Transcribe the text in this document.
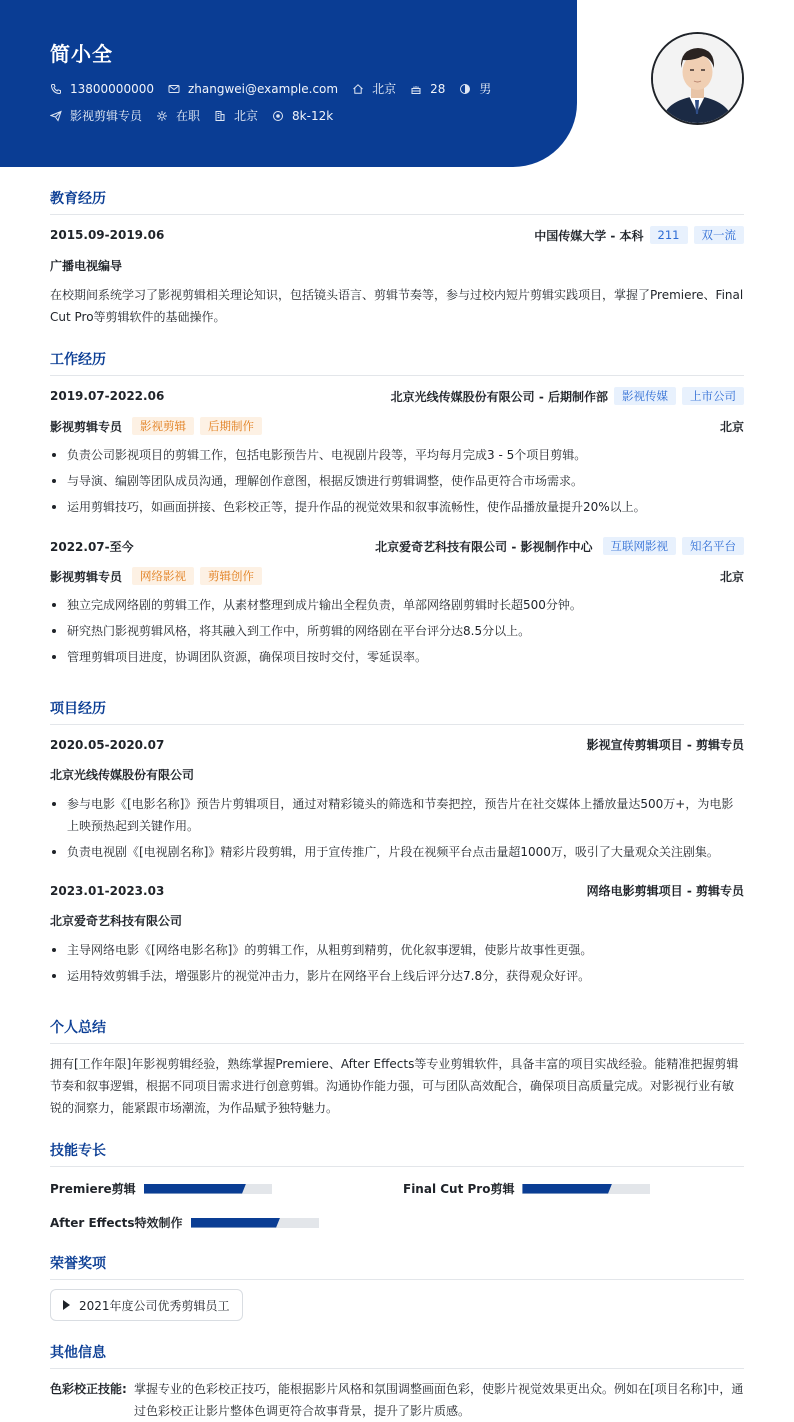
简小全
13800000000	zhangwei@example.com	北京	28	男
影视剪辑专员	在职	北京	8k-12k
教育经历
2015.09-2019.06	中国传媒大学 - 本科	211	双一流
广播电视编导
在校期间系统学习了影视剪辑相关理论知识，包括镜头语言、剪辑节奏等，参与过校内短片剪辑实践项目，掌握了Premiere、Final Cut Pro等剪辑软件的基础操作。
工作经历
2019.07-2022.06	北京光线传媒股份有限公司 - 后期制作部	影视传媒	上市公司
影视剪辑专员	影视剪辑	后期制作	北京
负责公司影视项目的剪辑工作，包括电影预告片、电视剧片段等，平均每月完成3 - 5个项目剪辑。
与导演、编剧等团队成员沟通，理解创作意图，根据反馈进行剪辑调整，使作品更符合市场需求。
运用剪辑技巧，如画面拼接、色彩校正等，提升作品的视觉效果和叙事流畅性，使作品播放量提升20%以上。
2022.07-至今	北京爱奇艺科技有限公司 - 影视制作中心	互联网影视	知名平台
影视剪辑专员	网络影视	剪辑创作	北京
独立完成网络剧的剪辑工作，从素材整理到成片输出全程负责，单部网络剧剪辑时长超500分钟。
研究热门影视剪辑风格，将其融入到工作中，所剪辑的网络剧在平台评分达8.5分以上。
管理剪辑项目进度，协调团队资源，确保项目按时交付，零延误率。
项目经历
2020.05-2020.07	影视宣传剪辑项目 - 剪辑专员
北京光线传媒股份有限公司
参与电影《[电影名称]》预告片剪辑项目，通过对精彩镜头的筛选和节奏把控，预告片在社交媒体上播放量达500万+，为电影上映预热起到关键作用。
负责电视剧《[电视剧名称]》精彩片段剪辑，用于宣传推广，片段在视频平台点击量超1000万，吸引了大量观众关注剧集。
2023.01-2023.03	网络电影剪辑项目 - 剪辑专员
北京爱奇艺科技有限公司
主导网络电影《[网络电影名称]》的剪辑工作，从粗剪到精剪，优化叙事逻辑，使影片故事性更强。
运用特效剪辑手法，增强影片的视觉冲击力，影片在网络平台上线后评分达7.8分，获得观众好评。
个人总结
拥有[工作年限]年影视剪辑经验，熟练掌握Premiere、After Effects等专业剪辑软件，具备丰富的项目实战经验。能精准把握剪辑节奏和叙事逻辑，根据不同项目需求进行创意剪辑。沟通协作能力强，可与团队高效配合，确保项目高质量完成。对影视行业有敏锐的洞察力，能紧跟市场潮流，为作品赋予独特魅力。
技能专长
Premiere剪辑	Final Cut Pro剪辑
After Effects特效制作
荣誉奖项
2021年度公司优秀剪辑员工
其他信息
色彩校正技能: 掌握专业的色彩校正技巧，能根据影片风格和氛围调整画面色彩，使影片视觉效果更出众。例如在[项目名称]中，通过色彩校正让影片整体色调更符合故事背景，提升了影片质感。
